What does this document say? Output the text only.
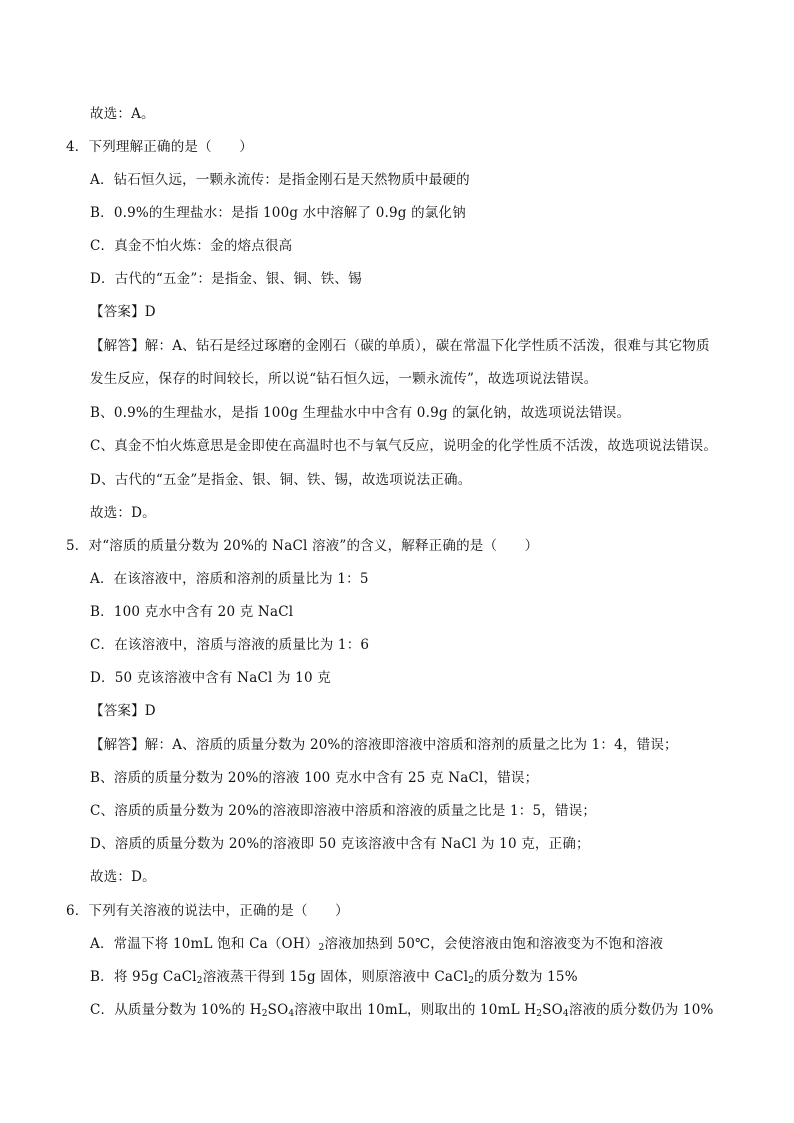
故选：A。
4．下列理解正确的是（　　）
A．钻石恒久远，一颗永流传：是指金刚石是天然物质中最硬的
B．0.9%的生理盐水：是指 100g 水中溶解了 0.9g 的氯化钠
C．真金不怕火炼：金的熔点很高
D．古代的“五金”：是指金、银、铜、铁、锡
【答案】D
【解答】解：A、钻石是经过琢磨的金刚石（碳的单质），碳在常温下化学性质不活泼，很难与其它物质
发生反应，保存的时间较长，所以说“钻石恒久远，一颗永流传”，故选项说法错误。
B、0.9%的生理盐水，是指 100g 生理盐水中中含有 0.9g 的氯化钠，故选项说法错误。
C、真金不怕火炼意思是金即使在高温时也不与氧气反应，说明金的化学性质不活泼，故选项说法错误。
D、古代的“五金”是指金、银、铜、铁、锡，故选项说法正确。
故选：D。
5．对“溶质的质量分数为 20%的 NaCl 溶液”的含义，解释正确的是（　　）
A．在该溶液中，溶质和溶剂的质量比为 1：5
B．100 克水中含有 20 克 NaCl
C．在该溶液中，溶质与溶液的质量比为 1：6
D．50 克该溶液中含有 NaCl 为 10 克
【答案】D
【解答】解：A、溶质的质量分数为 20%的溶液即溶液中溶质和溶剂的质量之比为 1：4，错误；
B、溶质的质量分数为 20%的溶液 100 克水中含有 25 克 NaCl，错误；
C、溶质的质量分数为 20%的溶液即溶液中溶质和溶液的质量之比是 1：5，错误；
D、溶质的质量分数为 20%的溶液即 50 克该溶液中含有 NaCl 为 10 克，正确；
故选：D。
6．下列有关溶液的说法中，正确的是（　　）
A．常温下将 10mL 饱和 $Ca(OH)_2$溶液加热到 50℃，会使溶液由饱和溶液变为不饱和溶液
B．将 95g CaCl$_2$溶液蒸干得到 15g 固体，则原溶液中 CaCl$_2$的质分数为 15%
C．从质量分数为 10%的 $H_2SO_4$溶液中取出 10mL，则取出的 10mL $H_2SO_4$溶液的质分数仍为 10%
